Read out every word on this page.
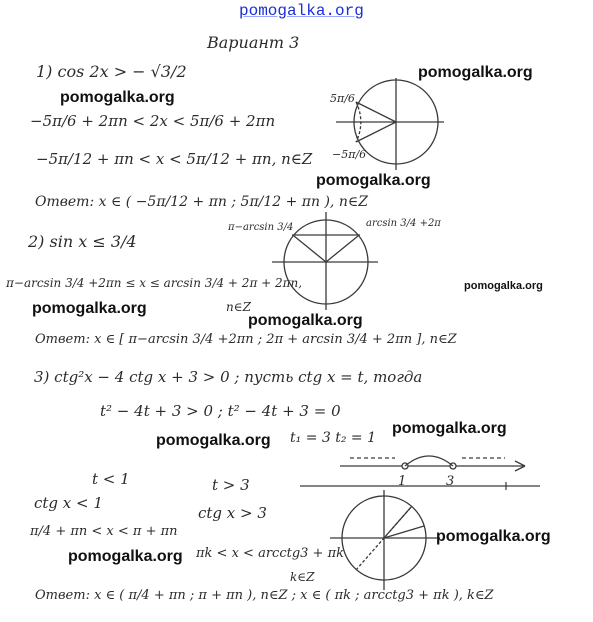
pomogalka.org
Вариант 3
1) cos 2x > − √3/2
−5π/6 + 2πn < 2x < 5π/6 + 2πn
−5π/12 + πn < x < 5π/12 + πn, n∈Z
5π/6
−5π/6
Ответ: x ∈ ( −5π/12 + πn ; 5π/12 + πn ), n∈Z
2) sin x ≤ 3/4
π−arcsin 3/4	arcsin 3/4 +2π
π−arcsin 3/4 +2πn ≤ x ≤ arcsin 3/4 + 2π + 2πn,
n∈Z
Ответ: x ∈ [ π−arcsin 3/4 +2πn ; 2π + arcsin 3/4 + 2πn ], n∈Z
3) ctg²x − 4 ctg x + 3 > 0 ; пусть ctg x = t, тогда
t² − 4t + 3 > 0 ; t² − 4t + 3 = 0
t₁ = 3 t₂ = 1
1	3
t < 1
ctg x < 1
π/4 + πn < x < π + πn
t > 3
ctg x > 3
πk < x < arcctg3 + πk
k∈Z
Ответ: x ∈ ( π/4 + πn ; π + πn ), n∈Z ; x ∈ ( πk ; arcctg3 + πk ), k∈Z
pomogalka.org
pomogalka.org
pomogalka.org
pomogalka.org
pomogalka.org
pomogalka.org
pomogalka.org
pomogalka.org
pomogalka.org
pomogalka.org
